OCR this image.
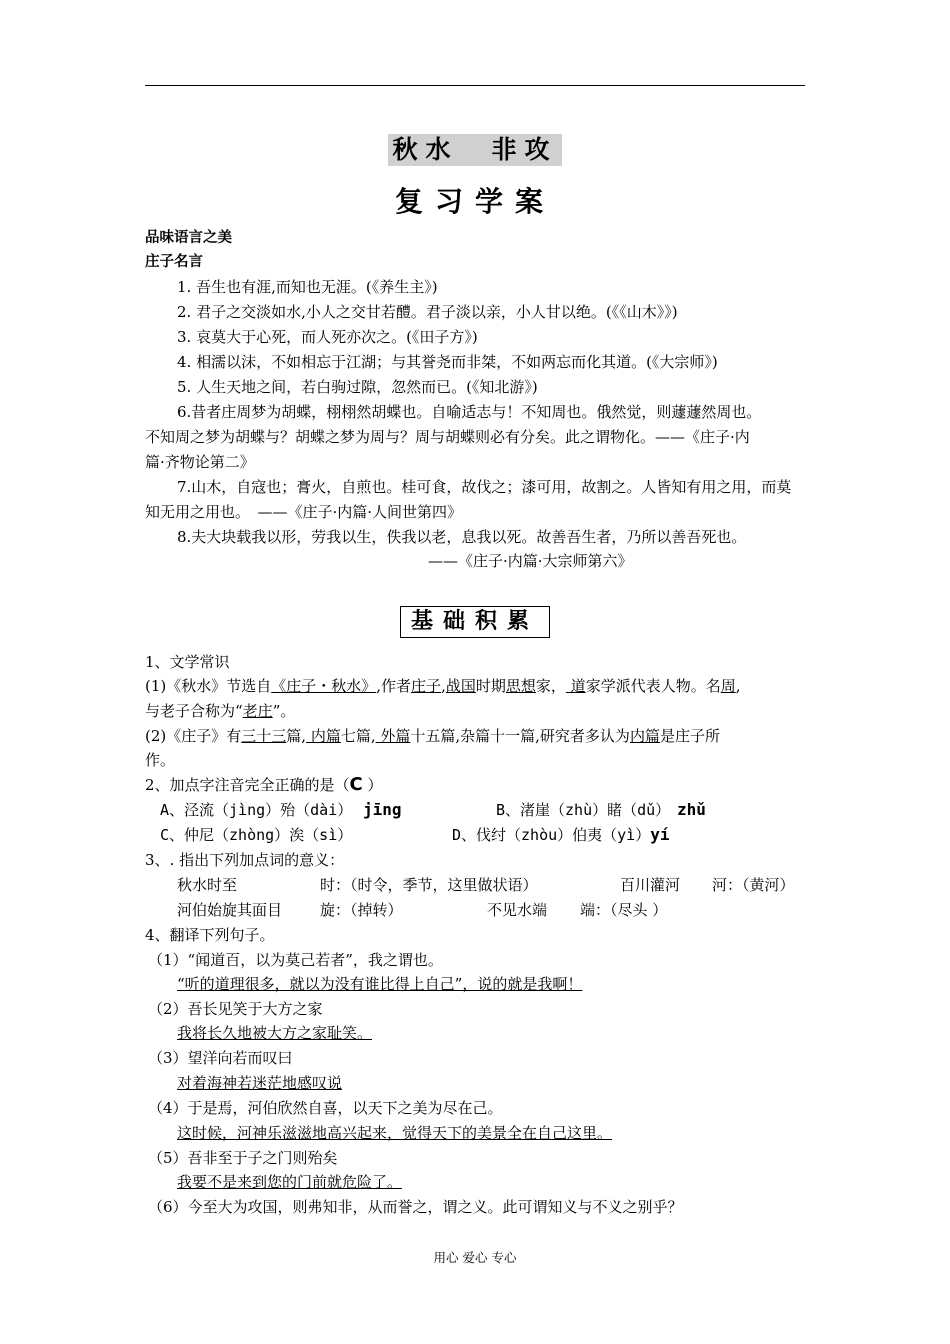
秋水　非攻
复习学案
品味语言之美
庄子名言
1. 吾生也有涯,而知也无涯。(《养生主》)
2. 君子之交淡如水,小人之交甘若醴。君子淡以亲，小人甘以绝。(《《山木》》)
3. 哀莫大于心死，而人死亦次之。(《田子方》)
4. 相濡以沫，不如相忘于江湖；与其誉尧而非桀，不如两忘而化其道。(《大宗师》)
5. 人生天地之间，若白驹过隙，忽然而已。(《知北游》)
6.昔者庄周梦为胡蝶，栩栩然胡蝶也。自喻适志与！不知周也。俄然觉，则蘧蘧然周也。
不知周之梦为胡蝶与？胡蝶之梦为周与？周与胡蝶则必有分矣。此之谓物化。——《庄子·内
篇·齐物论第二》
7.山木，自寇也；膏火，自煎也。桂可食，故伐之；漆可用，故割之。人皆知有用之用，而莫
知无用之用也。　——《庄子·内篇·人间世第四》
8.夫大块载我以形，劳我以生，佚我以老，息我以死。故善吾生者，乃所以善吾死也。
——《庄子·内篇·大宗师第六》
基础积累
1、文学常识
(1)《秋水》节选自《庄子・秋水》,作者庄子,战国时期思想家， 道家学派代表人物。名周,
与老子合称为“老庄”。
(2)《庄子》有三十三篇, 内篇七篇, 外篇十五篇,杂篇十一篇,研究者多认为内篇是庄子所
作。
2、加点字注音完全正确的是（C ）
A、泾流（jìng）殆（dài） jīng	B、渚崖（zhù）睹（dǔ） zhǔ
C、仲尼（zhòng）涘（sì）	D、伐纣（zhòu）伯夷（yì）yí
3、. 指出下列加点词的意义：
秋水时至	时：（时令，季节，这里做状语）	百川灌河 河：（黄河）
河伯始旋其面目	旋：（掉转）	不见水端 端：（尽头 ）
4、翻译下列句子。
（1）“闻道百，以为莫己若者”，我之谓也。
“听的道理很多，就以为没有谁比得上自己”，说的就是我啊！
（2）吾长见笑于大方之家
我将长久地被大方之家耻笑。
（3）望洋向若而叹曰
对着海神若迷茫地感叹说
（4）于是焉，河伯欣然自喜，以天下之美为尽在己。
这时候，河神乐滋滋地高兴起来，觉得天下的美景全在自己这里。
（5）吾非至于子之门则殆矣
我要不是来到您的门前就危险了。
（6）今至大为攻国，则弗知非，从而誉之，谓之义。此可谓知义与不义之别乎？
用心 爱心 专心
